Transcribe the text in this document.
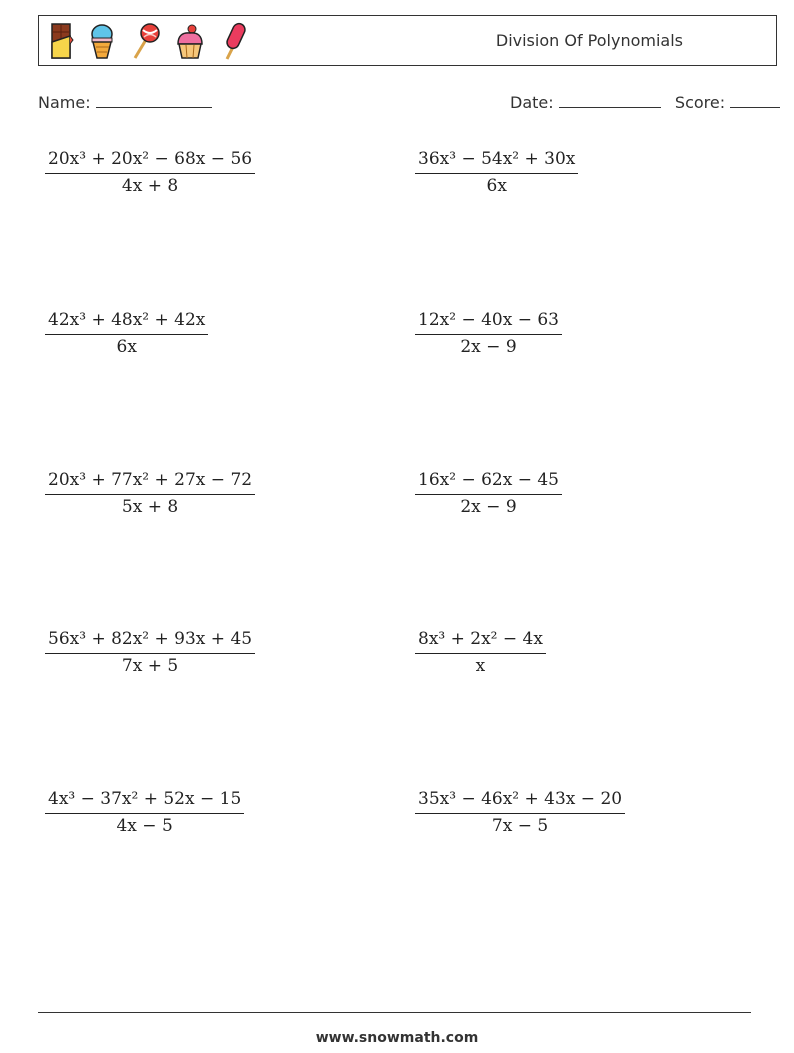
Division Of Polynomials
Name:	Date:	Score:
$\frac{\text{20x³ + 20x² − 68x − 56}}{4x + 8}$	$\frac{\text{36x³ − 54x² + 30x}}{6x}$
$\frac{\text{42x³ + 48x² + 42x}}{6x}$	$\frac{\text{12x² − 40x − 63}}{2x - 9}$
$\frac{\text{20x³ + 77x² + 27x − 72}}{5x + 8}$	$\frac{\text{16x² − 62x − 45}}{2x - 9}$
$\frac{\text{56x³ + 82x² + 93x + 45}}{7x + 5}$	$\frac{\text{8x³ + 2x² − 4x}}{x}$
$\frac{\text{4x³ − 37x² + 52x − 15}}{4x - 5}$	$\frac{\text{35x³ − 46x² + 43x − 20}}{7x - 5}$
www.snowmath.com
